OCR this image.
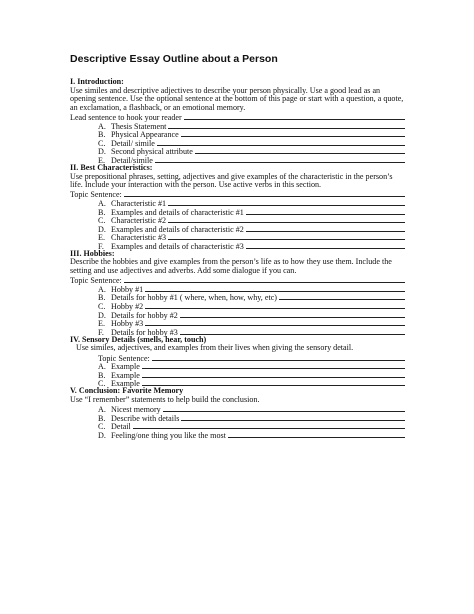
Descriptive Essay Outline about a Person
I. Introduction:
Use similes and descriptive adjectives to describe your person physically. Use a good lead as an opening sentence. Use the optional sentence at the bottom of this page or start with a question, a quote, an exclamation, a flashback, or an emotional memory.
Lead sentence to hook your reader
A. Thesis Statement
B. Physical Appearance
C. Detail/ simile
D. Second physical attribute
E. Detail/simile
II. Best Characteristics:
Use prepositional phrases, setting, adjectives and give examples of the characteristic in the person’s life. Include your interaction with the person. Use active verbs in this section.
Topic Sentence:
A. Characteristic #1
B. Examples and details of characteristic #1
C. Characteristic #2
D. Examples and details of characteristic #2
E. Characteristic #3
F. Examples and details of characteristic #3
III. Hobbies:
Describe the hobbies and give examples from the person’s life as to how they use them. Include the setting and use adjectives and adverbs. Add some dialogue if you can.
Topic Sentence:
A. Hobby #1
B. Details for hobby #1 ( where, when, how, why, etc)
C. Hobby #2
D. Details for hobby #2
E. Hobby #3
F. Details for hobby #3
IV. Sensory Details (smells, hear, touch)
Use similes, adjectives, and examples from their lives when giving the sensory detail.
Topic Sentence:
A. Example
B. Example
C. Example
V. Conclusion: Favorite Memory
Use “I remember” statements to help build the conclusion.
A. Nicest memory
B. Describe with details
C. Detail
D. Feeling/one thing you like the most
